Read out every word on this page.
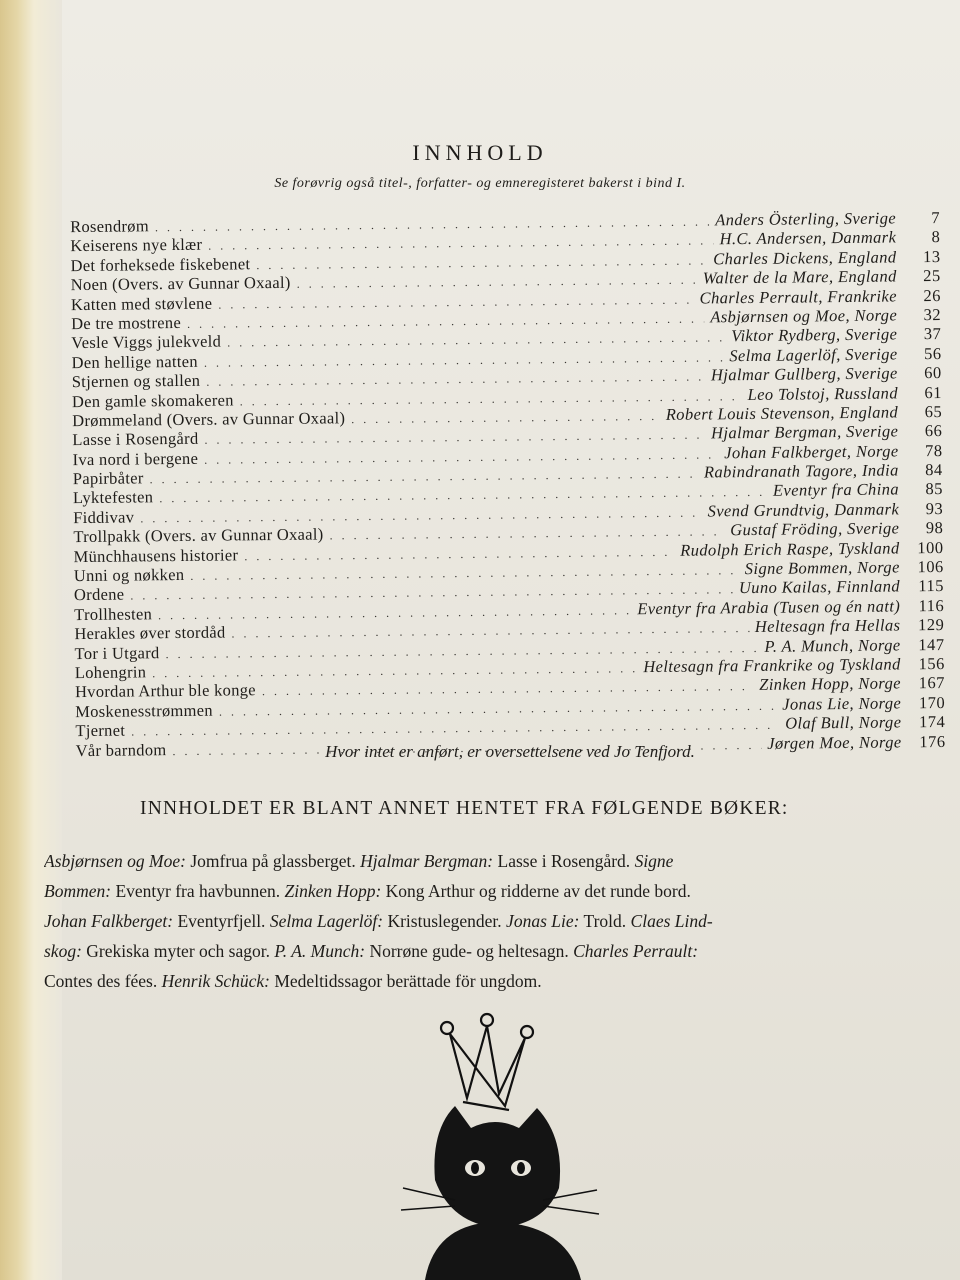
INNHOLD
Se forøvrig også titel-, forfatter- og emneregisteret bakerst i bind I.
Rosendrøm . . .	Anders Österling, Sverige	7
Keiserens nye klær . . .	H.C. Andersen, Danmark	8
Det forheksede fiskebenet . . .	Charles Dickens, England	13
Noen (Overs. av Gunnar Oxaal) . . .	Walter de la Mare, England	25
Katten med støvlene . . .	Charles Perrault, Frankrike	26
De tre mostrene . . .	Asbjørnsen og Moe, Norge	32
Vesle Viggs julekveld . . .	Viktor Rydberg, Sverige	37
Den hellige natten . . .	Selma Lagerlöf, Sverige	56
Stjernen og stallen . . .	Hjalmar Gullberg, Sverige	60
Den gamle skomakeren . . .	Leo Tolstoj, Russland	61
Drømmeland (Overs. av Gunnar Oxaal) . . .	Robert Louis Stevenson, England	65
Lasse i Rosengård . . .	Hjalmar Bergman, Sverige	66
Iva nord i bergene . . .	Johan Falkberget, Norge	78
Papirbåter . . .	Rabindranath Tagore, India	84
Lyktefesten . . .	Eventyr fra China	85
Fiddivav . . .	Svend Grundtvig, Danmark	93
Trollpakk (Overs. av Gunnar Oxaal) . . .	Gustaf Fröding, Sverige	98
Münchhausens historier . . .	Rudolph Erich Raspe, Tyskland	100
Unni og nøkken . . .	Signe Bommen, Norge	106
Ordene . . .	Uuno Kailas, Finnland	115
Trollhesten . . .	Eventyr fra Arabia (Tusen og én natt)	116
Herakles øver stordåd . . .	Heltesagn fra Hellas	129
Tor i Utgard . . .	P. A. Munch, Norge	147
Lohengrin . . .	Heltesagn fra Frankrike og Tyskland	156
Hvordan Arthur ble konge . . .	Zinken Hopp, Norge	167
Moskenesstrømmen . . .	Jonas Lie, Norge	170
Tjernet . . .	Olaf Bull, Norge	174
Vår barndom . . .	Jørgen Moe, Norge	176
Hvor intet er anført, er oversettelsene ved Jo Tenfjord.
INNHOLDET ER BLANT ANNET HENTET FRA FØLGENDE BØKER:
Asbjørnsen og Moe: Jomfrua på glassberget. Hjalmar Bergman: Lasse i Rosengård. Signe
Bommen: Eventyr fra havbunnen. Zinken Hopp: Kong Arthur og ridderne av det runde bord.
Johan Falkberget: Eventyrfjell. Selma Lagerlöf: Kristuslegender. Jonas Lie: Trold. Claes Lind-
skog: Grekiska myter och sagor. P. A. Munch: Norrøne gude- og heltesagn. Charles Perrault:
Contes des fées. Henrik Schück: Medeltidssagor berättade för ungdom.
